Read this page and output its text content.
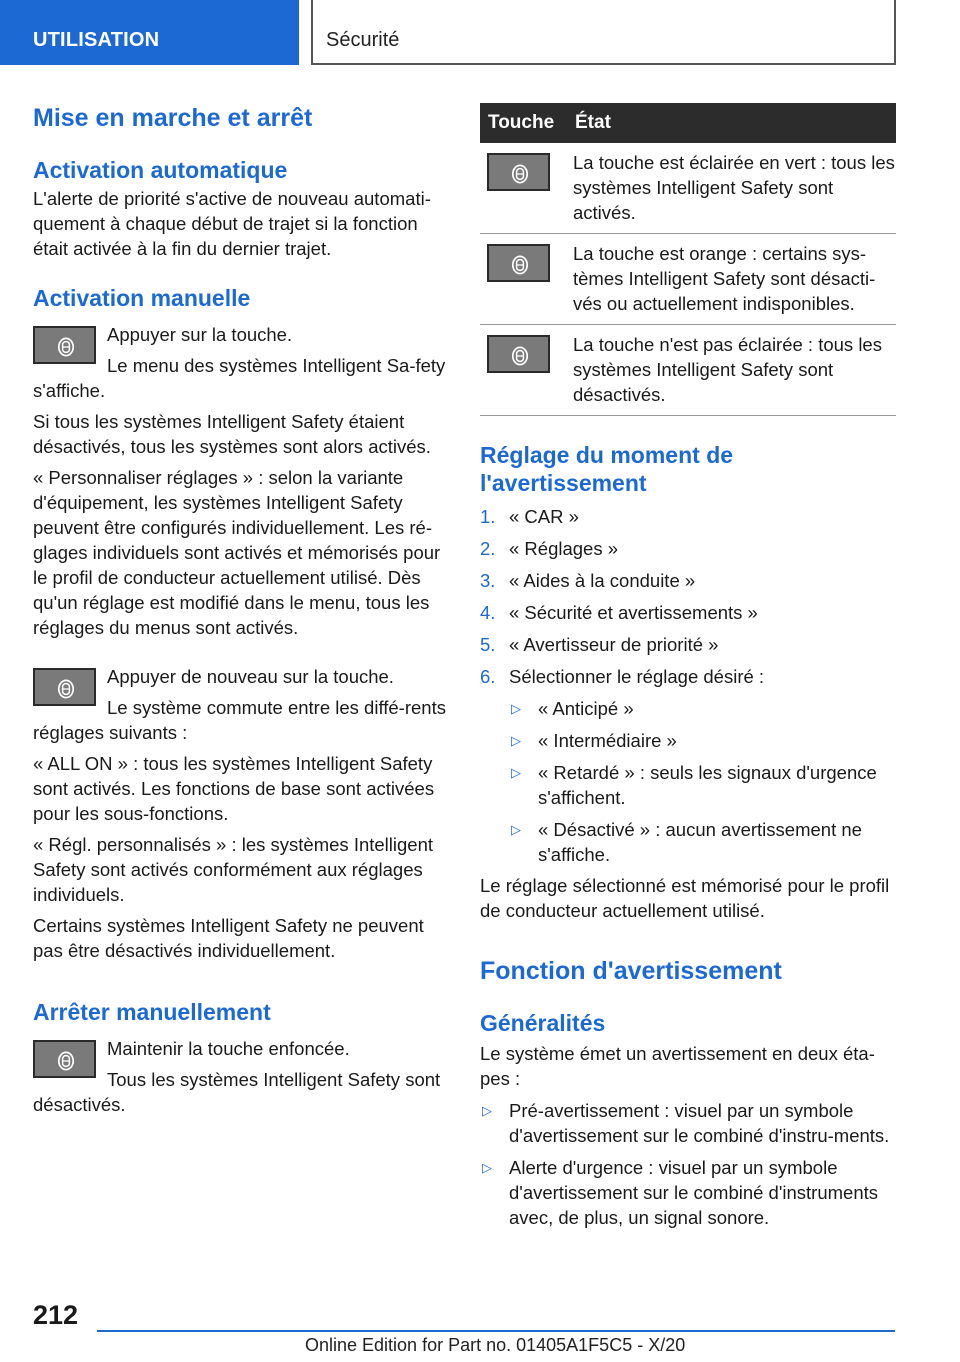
UTILISATION	Sécurité
Mise en marche et arrêt
Activation automatique
L'alerte de priorité s'active de nouveau automati-quement à chaque début de trajet si la fonction était activée à la fin du dernier trajet.
Activation manuelle
Appuyer sur la touche.
Le menu des systèmes Intelligent Sa-fety s'affiche.
Si tous les systèmes Intelligent Safety étaient désactivés, tous les systèmes sont alors activés.
« Personnaliser réglages » : selon la variante d'équipement, les systèmes Intelligent Safety peuvent être configurés individuellement. Les ré-glages individuels sont activés et mémorisés pour le profil de conducteur actuellement utilisé. Dès qu'un réglage est modifié dans le menu, tous les réglages du menus sont activés.
Appuyer de nouveau sur la touche.
Le système commute entre les diffé-rents réglages suivants :
« ALL ON » : tous les systèmes Intelligent Safety sont activés. Les fonctions de base sont activées pour les sous-fonctions.
« Régl. personnalisés » : les systèmes Intelligent Safety sont activés conformément aux réglages individuels.
Certains systèmes Intelligent Safety ne peuvent pas être désactivés individuellement.
Arrêter manuellement
Maintenir la touche enfoncée.
Tous les systèmes Intelligent Safety sont désactivés.
Touche	État

	La touche est éclairée en vert : tous les systèmes Intelligent Safety sont activés.

	La touche est orange : certains sys-tèmes Intelligent Safety sont désacti-vés ou actuellement indisponibles.

	La touche n'est pas éclairée : tous les systèmes Intelligent Safety sont désactivés.
Réglage du moment de l'avertissement
1. « CAR »
2. « Réglages »
3. « Aides à la conduite »
4. « Sécurité et avertissements »
5. « Avertisseur de priorité »
6. Sélectionner le réglage désiré :
▷ « Anticipé »
▷ « Intermédiaire »
▷ « Retardé » : seuls les signaux d'urgence s'affichent.
▷ « Désactivé » : aucun avertissement ne s'affiche.
Le réglage sélectionné est mémorisé pour le profil de conducteur actuellement utilisé.
Fonction d'avertissement
Généralités
Le système émet un avertissement en deux éta-pes :
▷ Pré-avertissement : visuel par un symbole d'avertissement sur le combiné d'instru-ments.
▷ Alerte d'urgence : visuel par un symbole d'avertissement sur le combiné d'instruments avec, de plus, un signal sonore.
212
Online Edition for Part no. 01405A1F5C5 - X/20
